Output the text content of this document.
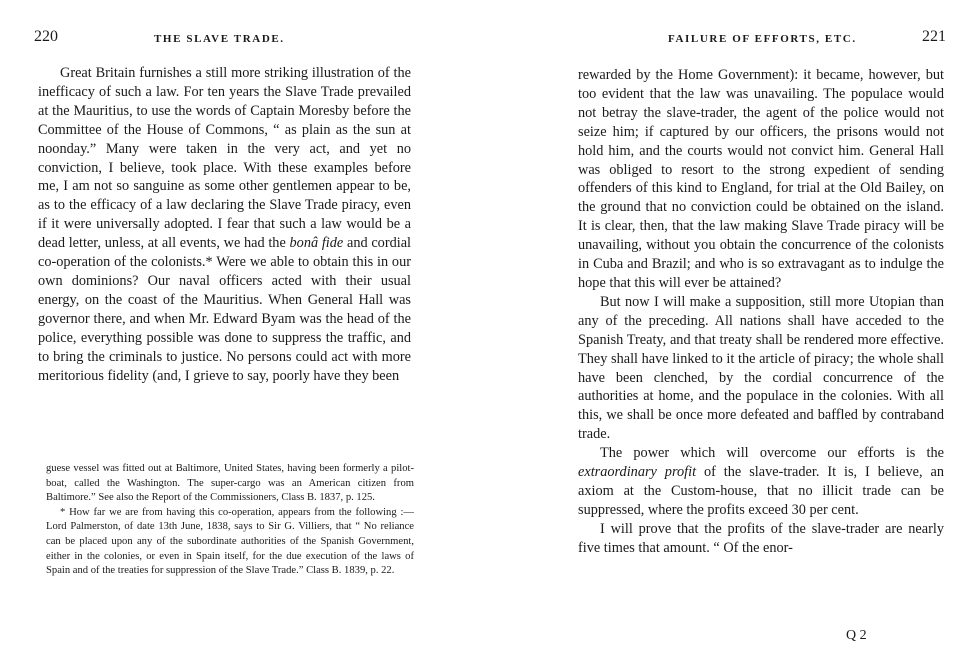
220	THE SLAVE TRADE.

Great Britain furnishes a still more striking illustration of the inefficacy of such a law. For ten years the Slave Trade prevailed at the Mauritius, to use the words of Captain Moresby before the Committee of the House of Commons, “ as plain as the sun at noonday.” Many were taken in the very act, and yet no conviction, I believe, took place. With these examples before me, I am not so sanguine as some other gentlemen appear to be, as to the efficacy of a law declaring the Slave Trade piracy, even if it were universally adopted. I fear that such a law would be a dead letter, unless, at all events, we had the bonâ fide and cordial co-operation of the colonists.* Were we able to obtain this in our own dominions? Our naval officers acted with their usual energy, on the coast of the Mauritius. When General Hall was governor there, and when Mr. Edward Byam was the head of the police, everything possible was done to suppress the traffic, and to bring the criminals to justice. No persons could act with more meritorious fidelity (and, I grieve to say, poorly have they been

guese vessel was fitted out at Baltimore, United States, having been formerly a pilot-boat, called the Washington. The super-cargo was an American citizen from Baltimore.” See also the Report of the Commissioners, Class B. 1837, p. 125.

* How far we are from having this co-operation, appears from the following :—Lord Palmerston, of date 13th June, 1838, says to Sir G. Villiers, that “ No reliance can be placed upon any of the subordinate authorities of the Spanish Government, either in the colonies, or even in Spain itself, for the due execution of the laws of Spain and of the treaties for suppression of the Slave Trade.” Class B. 1839, p. 22.

FAILURE OF EFFORTS, ETC.	221

rewarded by the Home Government): it became, however, but too evident that the law was unavailing. The populace would not betray the slave-trader, the agent of the police would not seize him; if captured by our officers, the prisons would not hold him, and the courts would not convict him. General Hall was obliged to resort to the strong expedient of sending offenders of this kind to England, for trial at the Old Bailey, on the ground that no conviction could be obtained on the island. It is clear, then, that the law making Slave Trade piracy will be unavailing, without you obtain the concurrence of the colonists in Cuba and Brazil; and who is so extravagant as to indulge the hope that this will ever be attained?

But now I will make a supposition, still more Utopian than any of the preceding. All nations shall have acceded to the Spanish Treaty, and that treaty shall be rendered more effective. They shall have linked to it the article of piracy; the whole shall have been clenched, by the cordial concurrence of the authorities at home, and the populace in the colonies. With all this, we shall be once more defeated and baffled by contraband trade.

The power which will overcome our efforts is the extraordinary profit of the slave-trader. It is, I believe, an axiom at the Custom-house, that no illicit trade can be suppressed, where the profits exceed 30 per cent.

I will prove that the profits of the slave-trader are nearly five times that amount. “ Of the enor-

Q 2
